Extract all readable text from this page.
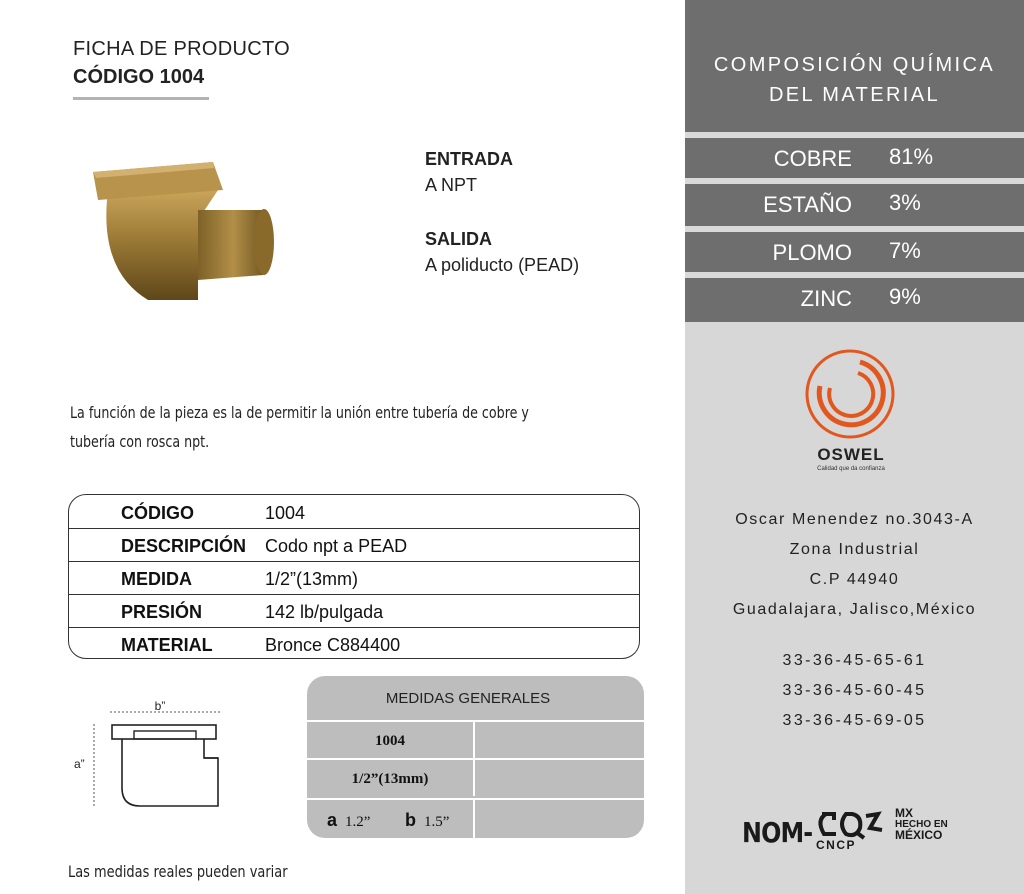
FICHA DE PRODUCTO
CÓDIGO 1004
ENTRADA
A NPT
SALIDA
A poliducto (PEAD)
La función de la pieza es la de permitir la unión entre tubería de cobre y
tubería con rosca npt.
CÓDIGO	1004
DESCRIPCIÓN Codo npt a PEAD
MEDIDA	1/2”(13mm)
PRESIÓN	142 lb/pulgada
MATERIAL	Bronce C884400
b”
a”
MEDIDAS GENERALES
1004
1/2”(13mm)
a 1.2” b 1.5”
Las medidas reales pueden variar
COMPOSICIÓN QUÍMICA
DEL MATERIAL
COBRE 81%
ESTAÑO 3%
PLOMO 7%
ZINC 9%
OSWEL
Calidad que da confianza
Oscar Menendez no.3043-A
Zona Industrial
C.P 44940
Guadalajara, Jalisco,México
33-36-45-65-61
33-36-45-60-45
33-36-45-69-05
NOM- CNCP
MX
HECHO EN
MÉXICO
